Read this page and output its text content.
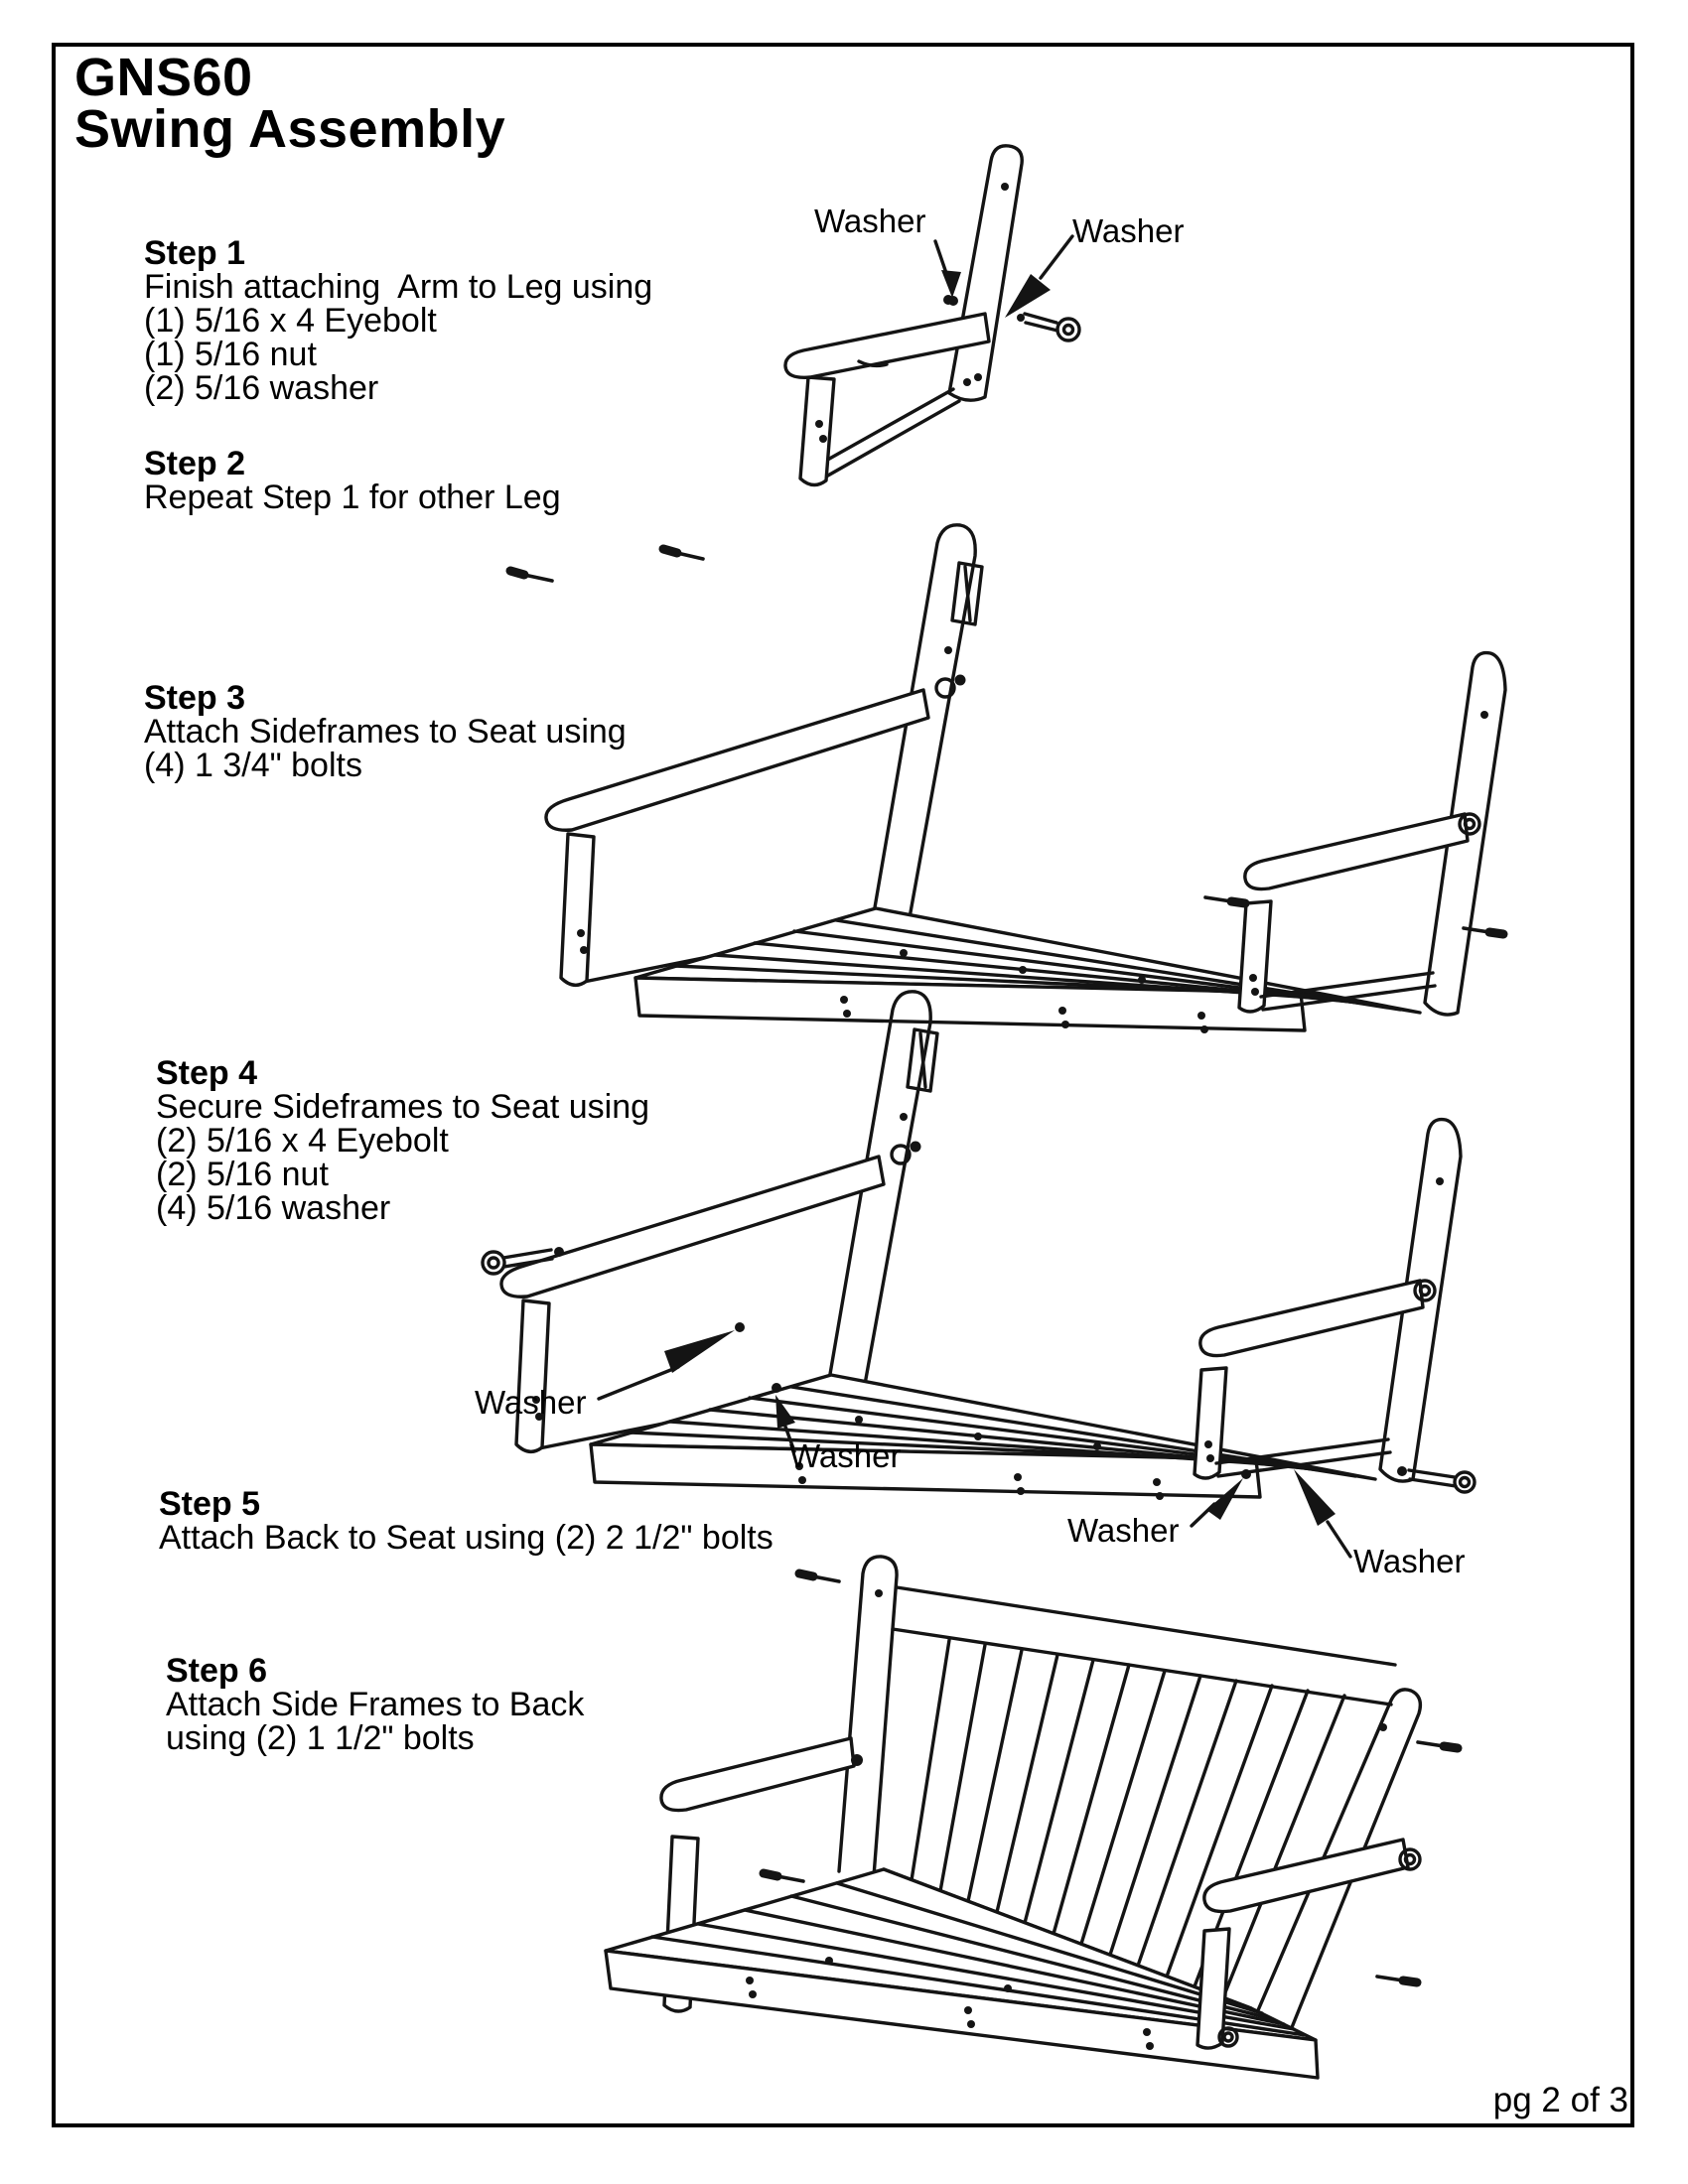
GNS60
Swing Assembly
Step 1
Finish attaching  Arm to Leg using
(1) 5/16 x 4 Eyebolt
(1) 5/16 nut
(2) 5/16 washer
Step 2
Repeat Step 1 for other Leg
Step 3
Attach Sideframes to Seat using
(4) 1 3/4" bolts
Step 4
Secure Sideframes to Seat using
(2) 5/16 x 4 Eyebolt
(2) 5/16 nut
(4) 5/16 washer
Step 5
Attach Back to Seat using (2) 2 1/2" bolts
Step 6
Attach Side Frames to Back
using (2) 1 1/2" bolts
Washer	Washer
Washer
Washer
Washer
Washer
pg 2 of 3
